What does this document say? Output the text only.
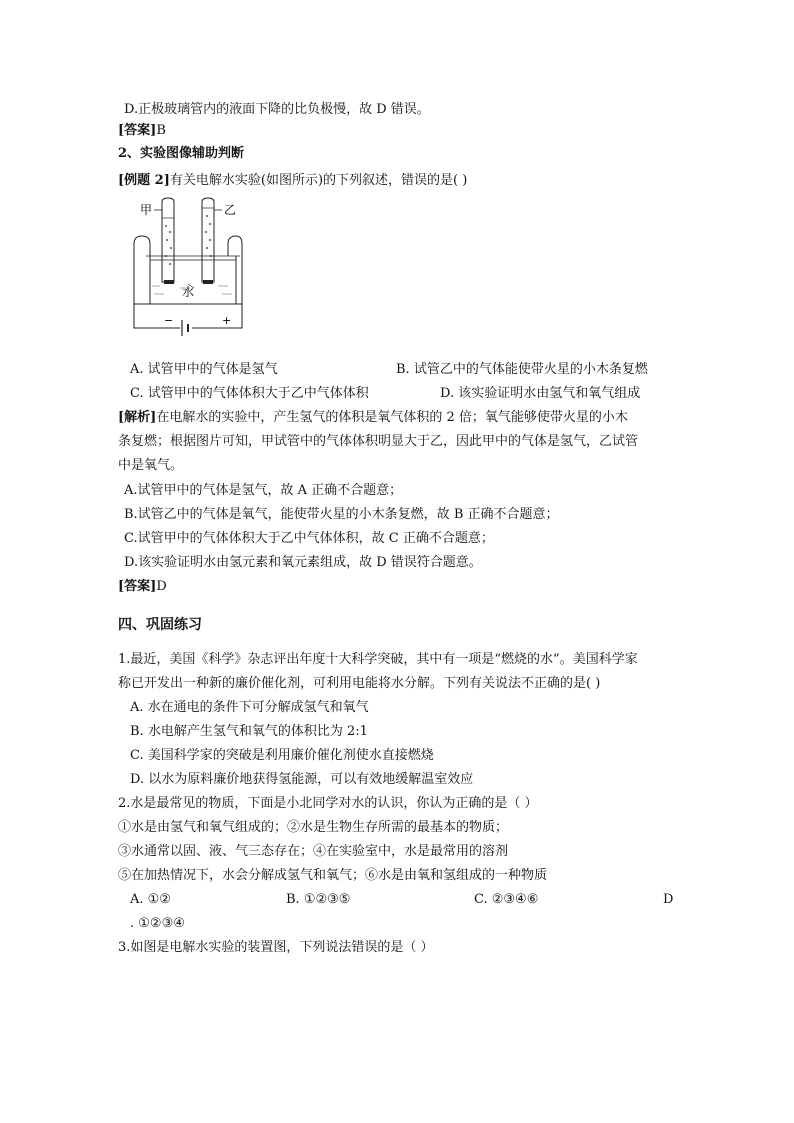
D.正极玻璃管内的液面下降的比负极慢，故 D 错误。
[答案]B
2、实验图像辅助判断
[例题 2]有关电解水实验(如图所示)的下列叙述，错误的是( )
甲	乙
水
−	+
A. 试管甲中的气体是氢气	B. 试管乙中的气体能使带火星的小木条复燃
C. 试管甲中的气体体积大于乙中气体体积	D. 该实验证明水由氢气和氧气组成
[解析]在电解水的实验中，产生氢气的体积是氧气体积的 2 倍；氧气能够使带火星的小木
条复燃；根据图片可知，甲试管中的气体体积明显大于乙，因此甲中的气体是氢气，乙试管
中是氧气。
A.试管甲中的气体是氢气，故 A 正确不合题意；
B.试管乙中的气体是氧气，能使带火星的小木条复燃，故 B 正确不合题意；
C.试管甲中的气体体积大于乙中气体体积，故 C 正确不合题意；
D.该实验证明水由氢元素和氧元素组成，故 D 错误符合题意。
[答案]D
四、巩固练习
1.最近，美国《科学》杂志评出年度十大科学突破，其中有一项是“燃烧的水”。美国科学家
称已开发出一种新的廉价催化剂，可利用电能将水分解。下列有关说法不正确的是( )
A. 水在通电的条件下可分解成氢气和氧气
B. 水电解产生氢气和氧气的体积比为 2:1
C. 美国科学家的突破是利用廉价催化剂使水直接燃烧
D. 以水为原料廉价地获得氢能源，可以有效地缓解温室效应
2.水是最常见的物质，下面是小北同学对水的认识，你认为正确的是（ ）
①水是由氢气和氧气组成的；②水是生物生存所需的最基本的物质；
③水通常以固、液、气三态存在；④在实验室中，水是最常用的溶剂
⑤在加热情况下，水会分解成氢气和氧气；⑥水是由氧和氢组成的一种物质
A. ①②	B. ①②③⑤	C. ②③④⑥	D
. ①②③④
3.如图是电解水实验的装置图，下列说法错误的是（ ）
